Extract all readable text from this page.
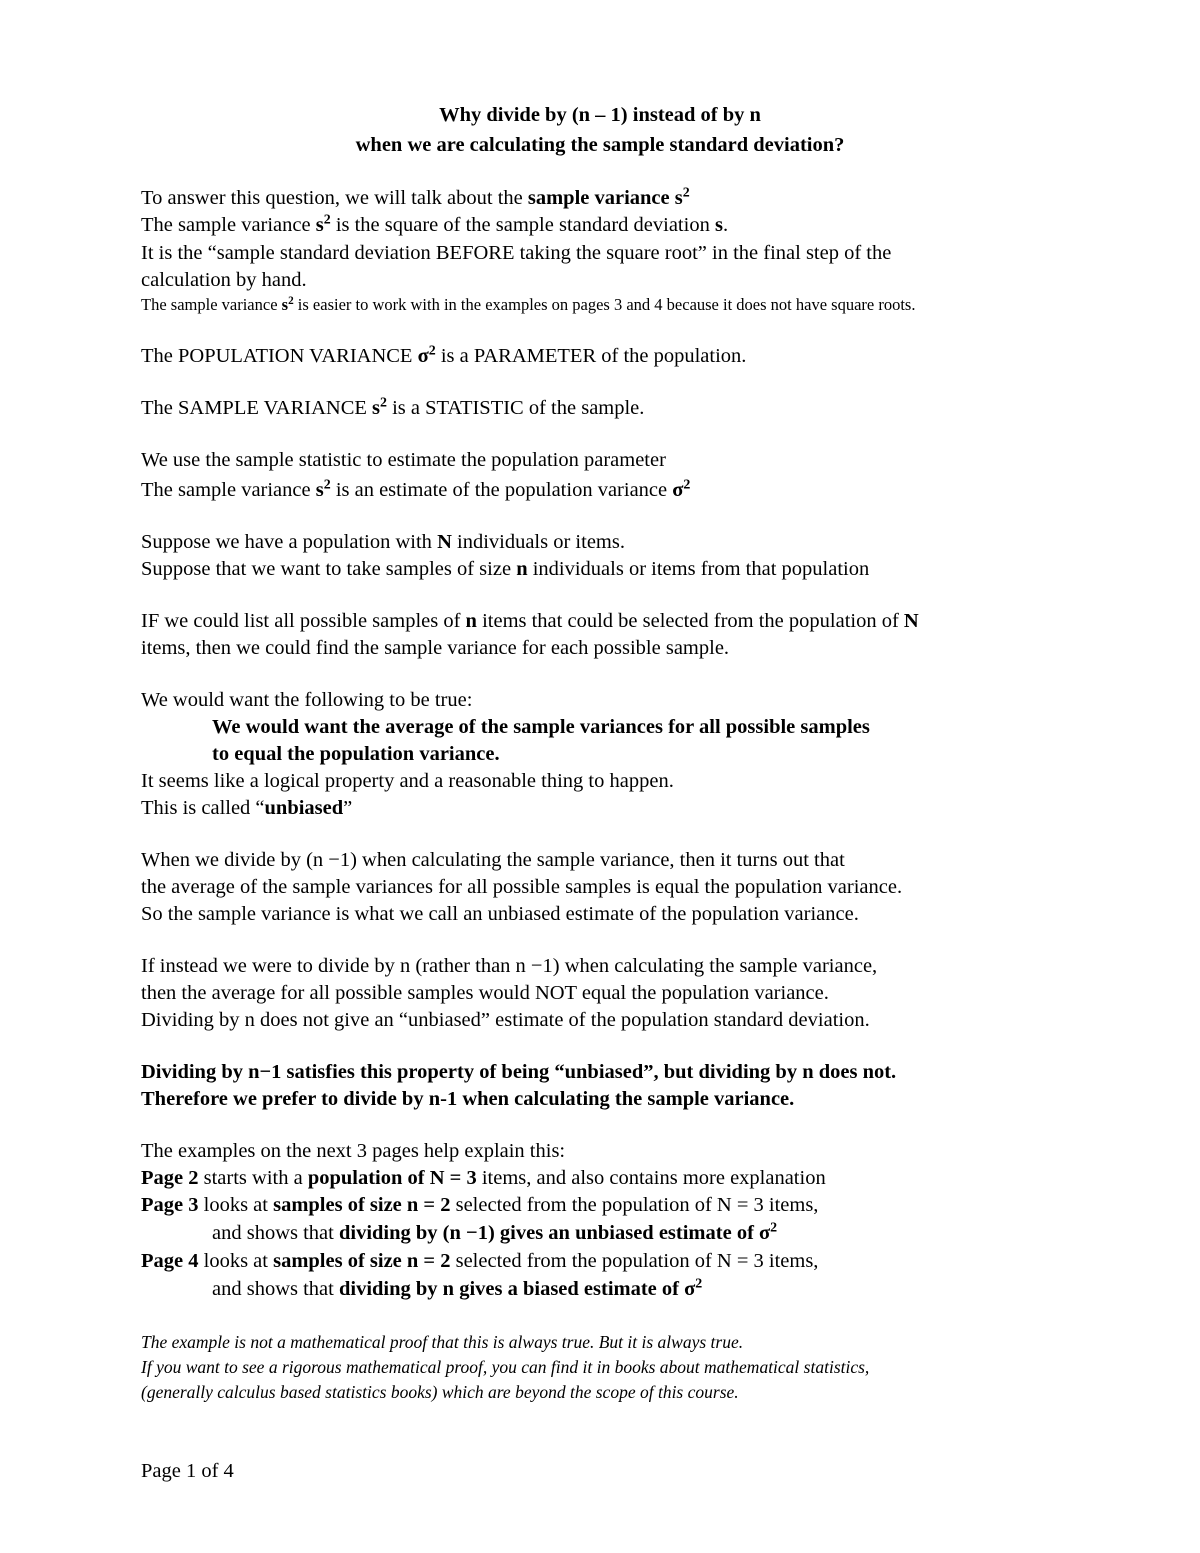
Why divide by (n – 1) instead of by n
when we are calculating the sample standard deviation?
To answer this question, we will talk about the sample variance $s^2$
The sample variance $s^2$ is the square of the sample standard deviation s.
It is the “sample standard deviation BEFORE taking the square root” in the final step of the
calculation by hand.
The sample variance $s^2$ is easier to work with in the examples on pages 3 and 4 because it does not have square roots.
The POPULATION VARIANCE $\sigma^2$ is a PARAMETER of the population.
The SAMPLE VARIANCE $s^2$ is a STATISTIC of the sample.
We use the sample statistic to estimate the population parameter
The sample variance $s^2$ is an estimate of the population variance $\sigma^2$
Suppose we have a population with N individuals or items.
Suppose that we want to take samples of size n individuals or items from that population
IF we could list all possible samples of n items that could be selected from the population of N
items, then we could find the sample variance for each possible sample.
We would want the following to be true:
We would want the average of the sample variances for all possible samples
to equal the population variance.
It seems like a logical property and a reasonable thing to happen.
This is called “unbiased”
When we divide by (n −1) when calculating the sample variance, then it turns out that
the average of the sample variances for all possible samples is equal the population variance.
So the sample variance is what we call an unbiased estimate of the population variance.
If instead we were to divide by n (rather than n −1) when calculating the sample variance,
then the average for all possible samples would NOT equal the population variance.
Dividing by n does not give an “unbiased” estimate of the population standard deviation.
Dividing by n−1 satisfies this property of being “unbiased”, but dividing by n does not.
Therefore we prefer to divide by n-1 when calculating the sample variance.
The examples on the next 3 pages help explain this:
Page 2 starts with a population of N = 3 items, and also contains more explanation
Page 3 looks at samples of size n = 2 selected from the population of N = 3 items,
and shows that dividing by (n −1) gives an unbiased estimate of $\sigma^2$
Page 4 looks at samples of size n = 2 selected from the population of N = 3 items,
and shows that dividing by n gives a biased estimate of $\sigma^2$
The example is not a mathematical proof that this is always true. But it is always true.
If you want to see a rigorous mathematical proof, you can find it in books about mathematical statistics,
(generally calculus based statistics books) which are beyond the scope of this course.
Page 1 of 4
